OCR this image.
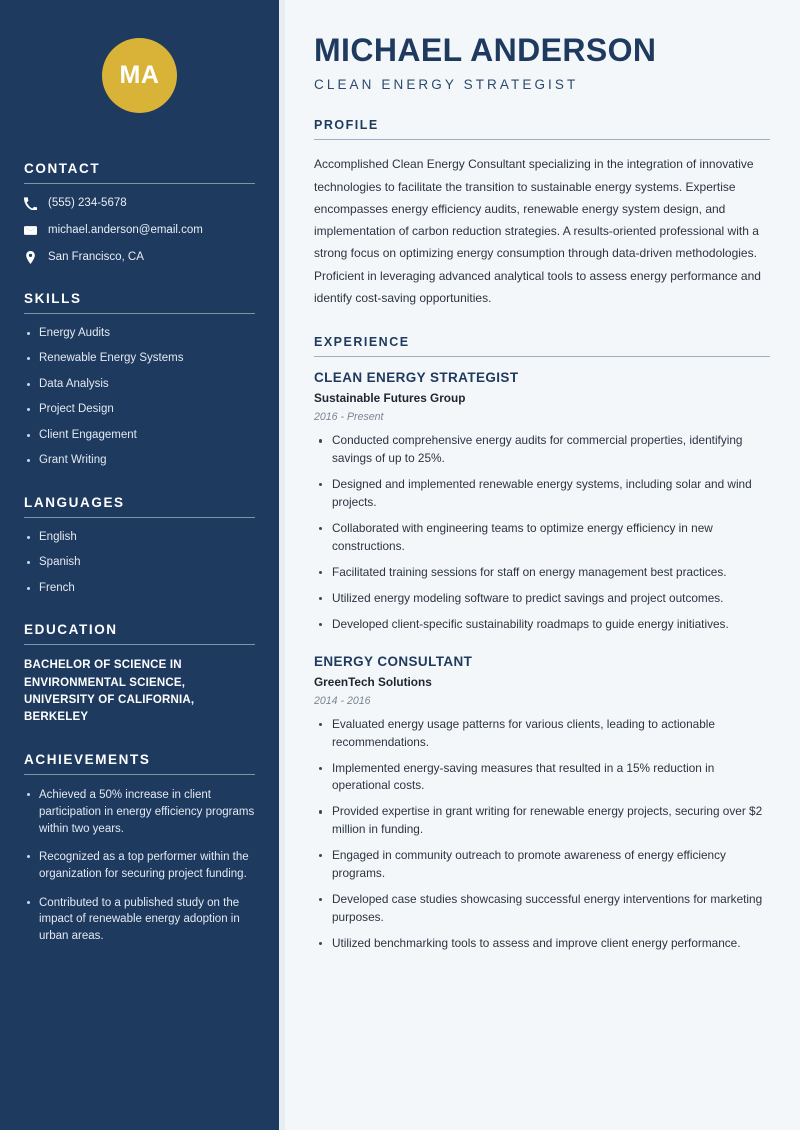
MA
CONTACT
(555) 234-5678
michael.anderson@email.com
San Francisco, CA
SKILLS
Energy Audits
Renewable Energy Systems
Data Analysis
Project Design
Client Engagement
Grant Writing
LANGUAGES
English
Spanish
French
EDUCATION
BACHELOR OF SCIENCE IN ENVIRONMENTAL SCIENCE, UNIVERSITY OF CALIFORNIA, BERKELEY
ACHIEVEMENTS
Achieved a 50% increase in client participation in energy efficiency programs within two years.
Recognized as a top performer within the organization for securing project funding.
Contributed to a published study on the impact of renewable energy adoption in urban areas.
MICHAEL ANDERSON
CLEAN ENERGY STRATEGIST
PROFILE

Accomplished Clean Energy Consultant specializing in the integration of innovative technologies to facilitate the transition to sustainable energy systems. Expertise encompasses energy efficiency audits, renewable energy system design, and implementation of carbon reduction strategies. A results-oriented professional with a strong focus on optimizing energy consumption through data-driven methodologies. Proficient in leveraging advanced analytical tools to assess energy performance and identify cost-saving opportunities.

EXPERIENCE
CLEAN ENERGY STRATEGIST
Sustainable Futures Group
2016 - Present
Conducted comprehensive energy audits for commercial properties, identifying savings of up to 25%.
Designed and implemented renewable energy systems, including solar and wind projects.
Collaborated with engineering teams to optimize energy efficiency in new constructions.
Facilitated training sessions for staff on energy management best practices.
Utilized energy modeling software to predict savings and project outcomes.
Developed client-specific sustainability roadmaps to guide energy initiatives.
ENERGY CONSULTANT
GreenTech Solutions
2014 - 2016
Evaluated energy usage patterns for various clients, leading to actionable recommendations.
Implemented energy-saving measures that resulted in a 15% reduction in operational costs.
Provided expertise in grant writing for renewable energy projects, securing over $2 million in funding.
Engaged in community outreach to promote awareness of energy efficiency programs.
Developed case studies showcasing successful energy interventions for marketing purposes.
Utilized benchmarking tools to assess and improve client energy performance.
